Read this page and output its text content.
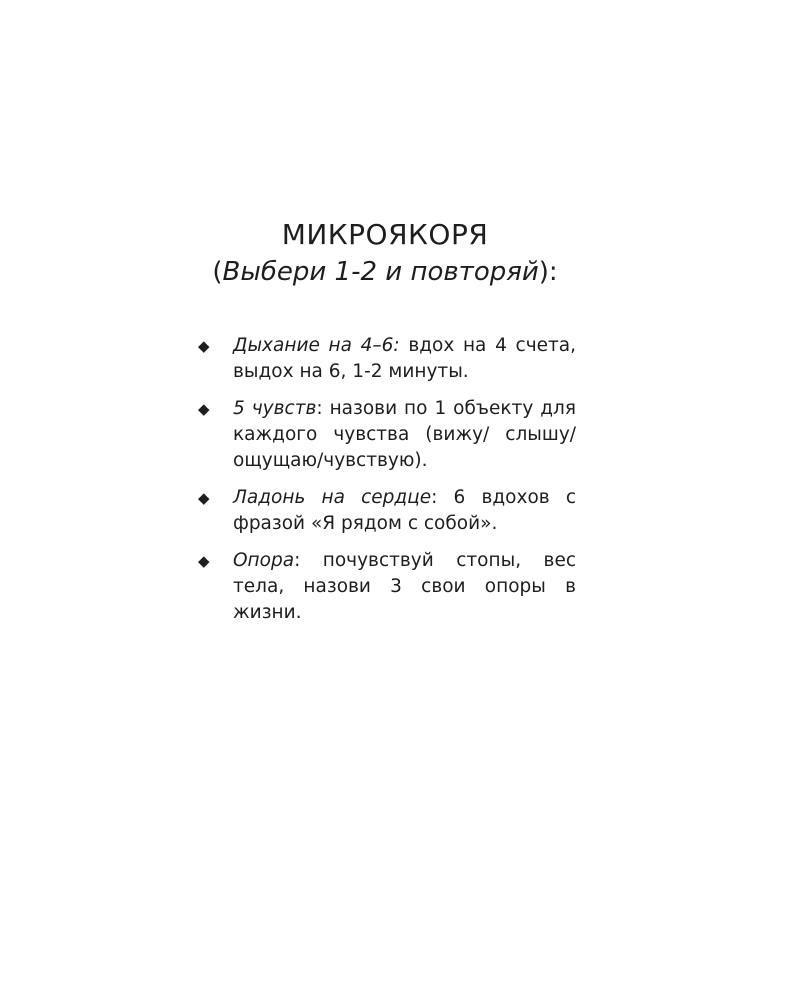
МИКРОЯКОРЯ
(Выбери 1-2 и повторяй):
◆ Дыхание на 4–6: вдох на 4 счета, выдох на 6, 1-2 минуты.
◆ 5 чувств: назови по 1 объекту для каждого чувства (вижу/ слышу/ощущаю/чувствую).
◆ Ладонь на сердце: 6 вдохов с фразой «Я рядом с собой».
◆ Опора: почувствуй стопы, вес тела, назови 3 свои опоры в жизни.
